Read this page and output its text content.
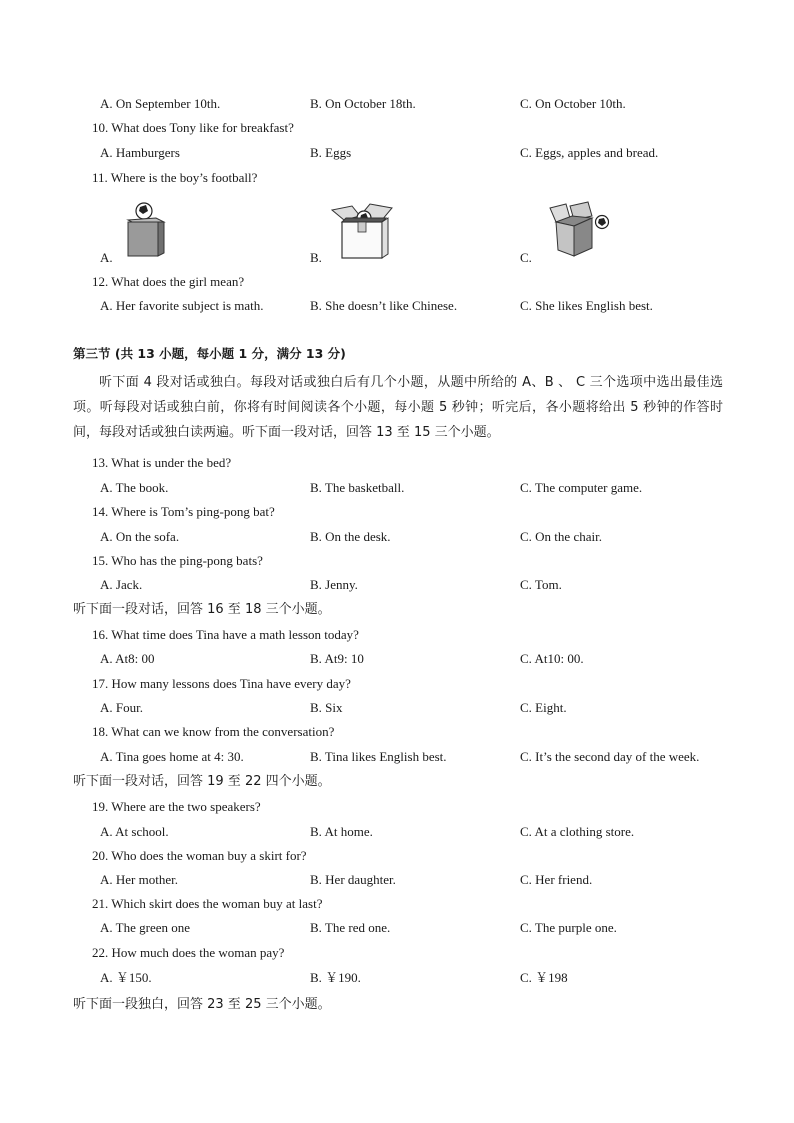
A. On September 10th.	B. On October 18th.	C. On October 10th.
10. What does Tony like for breakfast?
A. Hamburgers	B. Eggs	C. Eggs, apples and bread.
11. Where is the boy’s football?
A.	B.	C.
12. What does the girl mean?
A. Her favorite subject is math.	B. She doesn’t like Chinese.	C. She likes English best.
第三节 (共 13 小题，每小题 1 分，满分 13 分)
听下面 4 段对话或独白。每段对话或独白后有几个小题，从题中所给的 A、B 、 C 三个选项中选出最佳选项。听每段对话或独白前，你将有时间阅读各个小题，每小题 5 秒钟；听完后，各小题将给出 5 秒钟的作答时间，每段对话或独白读两遍。听下面一段对话，回答 13 至 15 三个小题。
13. What is under the bed?
A. The book.	B. The basketball.	C. The computer game.
14. Where is Tom’s ping-pong bat?
A. On the sofa.	B. On the desk.	C. On the chair.
15. Who has the ping-pong bats?
A. Jack.	B. Jenny.	C. Tom.
听下面一段对话，回答 16 至 18 三个小题。
16. What time does Tina have a math lesson today?
A. At8: 00	B. At9: 10	C. At10: 00.
17. How many lessons does Tina have every day?
A. Four.	B. Six	C. Eight.
18. What can we know from the conversation?
A. Tina goes home at 4: 30.	B. Tina likes English best.	C. It’s the second day of the week.
听下面一段对话，回答 19 至 22 四个小题。
19. Where are the two speakers?
A. At school.	B. At home.	C. At a clothing store.
20. Who does the woman buy a skirt for?
A. Her mother.	B. Her daughter.	C. Her friend.
21. Which skirt does the woman buy at last?
A. The green one	B. The red one.	C. The purple one.
22. How much does the woman pay?
A. ￥150.	B. ￥190.	C. ￥198
听下面一段独白，回答 23 至 25 三个小题。
